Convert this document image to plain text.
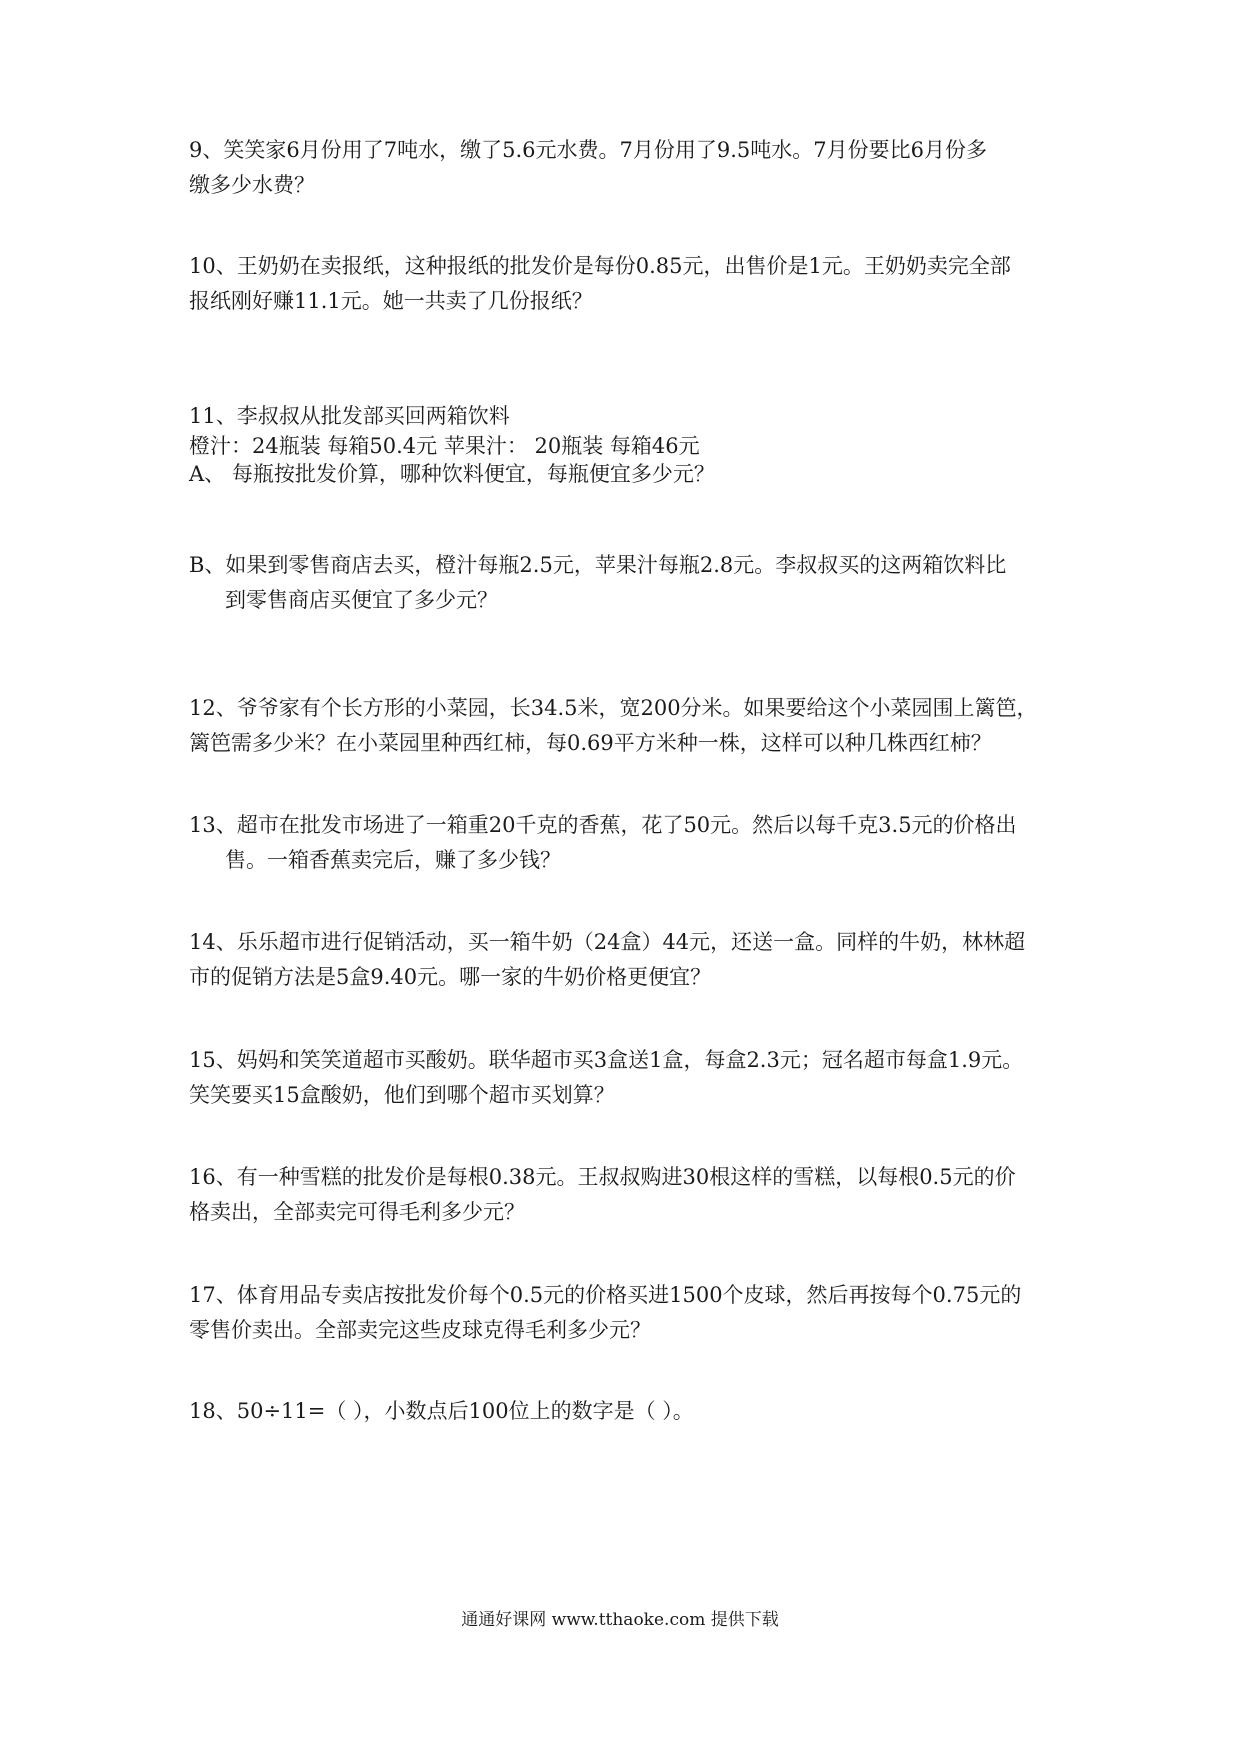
9、笑笑家6月份用了7吨水，缴了5.6元水费。7月份用了9.5吨水。7月份要比6月份多
缴多少水费？
10、王奶奶在卖报纸，这种报纸的批发价是每份0.85元，出售价是1元。王奶奶卖完全部
报纸刚好赚11.1元。她一共卖了几份报纸？
11、李叔叔从批发部买回两箱饮料
橙汁：24瓶装 每箱50.4元 苹果汁： 20瓶装 每箱46元
A、 每瓶按批发价算，哪种饮料便宜，每瓶便宜多少元？
B、如果到零售商店去买，橙汁每瓶2.5元，苹果汁每瓶2.8元。李叔叔买的这两箱饮料比
到零售商店买便宜了多少元？
12、爷爷家有个长方形的小菜园，长34.5米，宽200分米。如果要给这个小菜园围上篱笆，
篱笆需多少米？在小菜园里种西红柿，每0.69平方米种一株，这样可以种几株西红柿？
13、超市在批发市场进了一箱重20千克的香蕉，花了50元。然后以每千克3.5元的价格出
售。一箱香蕉卖完后，赚了多少钱？
14、乐乐超市进行促销活动，买一箱牛奶（24盒）44元，还送一盒。同样的牛奶，林林超
市的促销方法是5盒9.40元。哪一家的牛奶价格更便宜？
15、妈妈和笑笑道超市买酸奶。联华超市买3盒送1盒，每盒2.3元；冠名超市每盒1.9元。
笑笑要买15盒酸奶，他们到哪个超市买划算？
16、有一种雪糕的批发价是每根0.38元。王叔叔购进30根这样的雪糕，以每根0.5元的价
格卖出，全部卖完可得毛利多少元？
17、体育用品专卖店按批发价每个0.5元的价格买进1500个皮球，然后再按每个0.75元的
零售价卖出。全部卖完这些皮球克得毛利多少元？
18、50÷11=（ ），小数点后100位上的数字是（ ）。
通通好课网 www.tthaoke.com 提供下载
